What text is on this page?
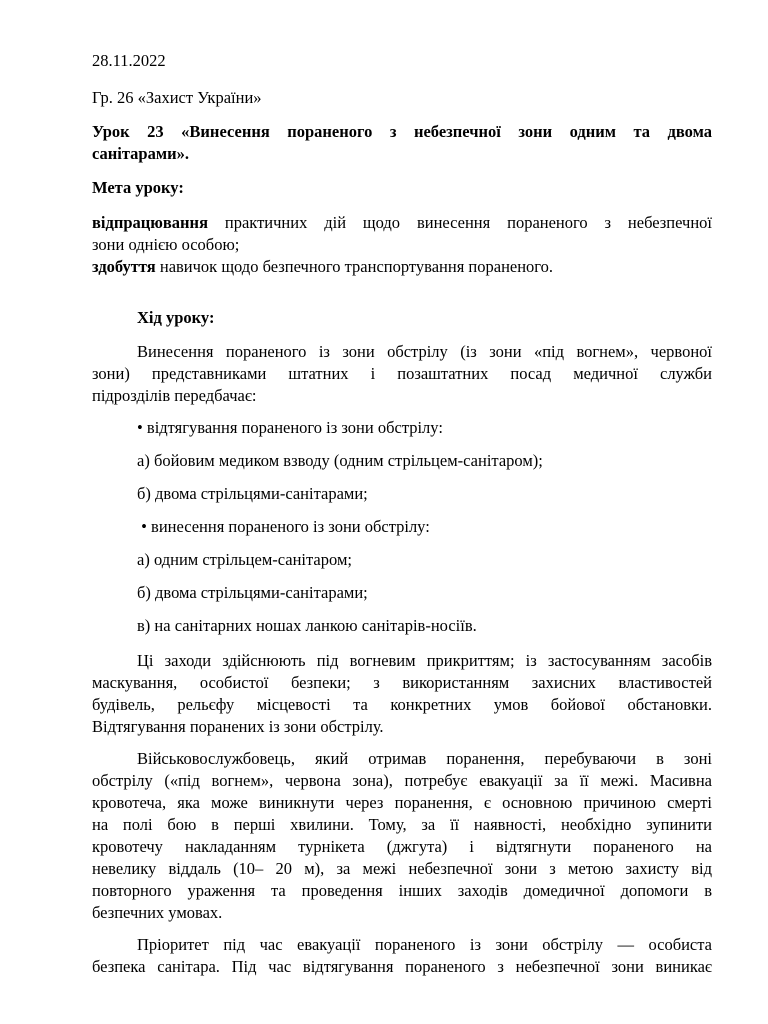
28.11.2022
Гр. 26 «Захист України»
Урок 23 «Винесення пораненого з небезпечної зони одним та двома
санітарами».
Мета уроку:
відпрацювання практичних дій щодо винесення пораненого з небезпечної
зони однією особою;
здобуття навичок щодо безпечного транспортування пораненого.
Хід уроку:
Винесення пораненого із зони обстрілу (із зони «під вогнем», червоної
зони) представниками штатних і позаштатних посад медичної служби
підрозділів передбачає:
• відтягування пораненого із зони обстрілу:
а) бойовим медиком взводу (одним стрільцем-санітаром);
б) двома стрільцями-санітарами;
• винесення пораненого із зони обстрілу:
а) одним стрільцем-санітаром;
б) двома стрільцями-санітарами;
в) на санітарних ношах ланкою санітарів-носіїв.
Ці заходи здійснюють під вогневим прикриттям; із застосуванням засобів
маскування, особистої безпеки; з використанням захисних властивостей
будівель, рельєфу місцевості та конкретних умов бойової обстановки.
Відтягування поранених із зони обстрілу.
Військовослужбовець, який отримав поранення, перебуваючи в зоні
обстрілу («під вогнем», червона зона), потребує евакуації за її межі. Масивна
кровотеча, яка може виникнути через поранення, є основною причиною смерті
на полі бою в перші хвилини. Тому, за її наявності, необхідно зупинити
кровотечу накладанням турнікета (джгута) і відтягнути пораненого на
невелику віддаль (10– 20 м), за межі небезпечної зони з метою захисту від
повторного ураження та проведення інших заходів домедичної допомоги в
безпечних умовах.
Пріоритет під час евакуації пораненого із зони обстрілу — особиста
безпека санітара. Під час відтягування пораненого з небезпечної зони виникає
